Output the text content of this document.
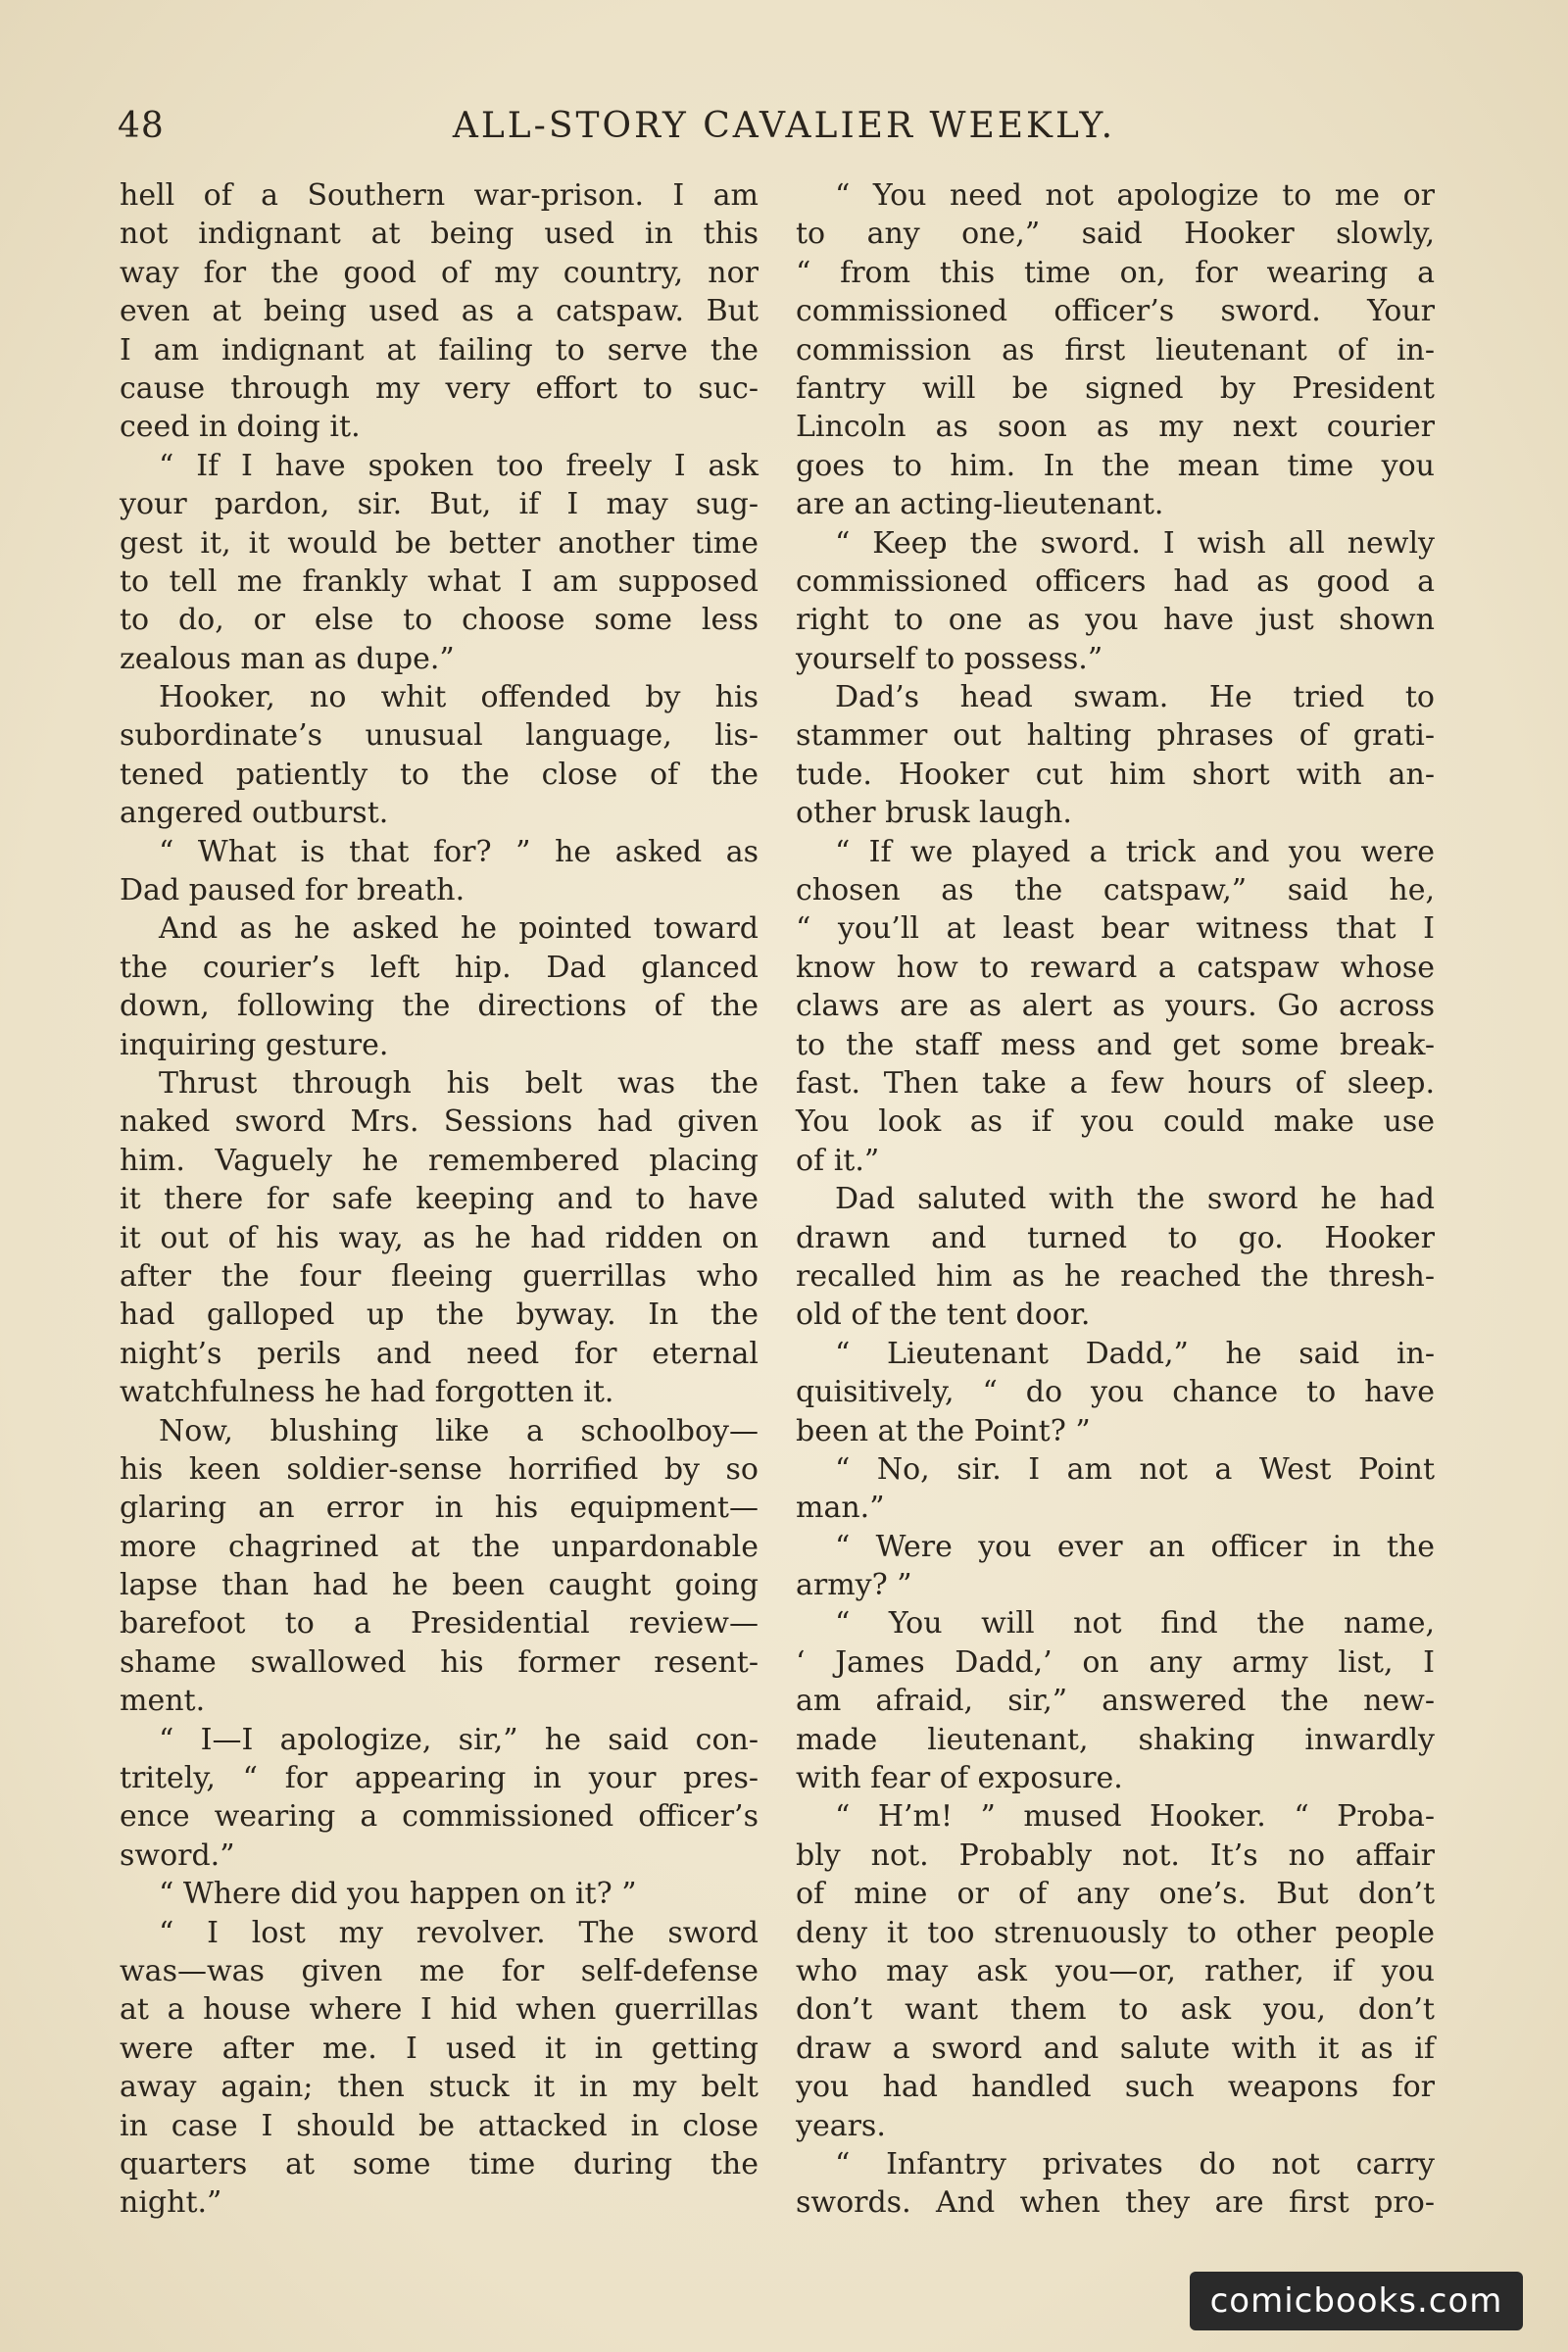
48	ALL-STORY CAVALIER WEEKLY.
hell of a Southern war-prison. I am
not indignant at being used in this
way for the good of my country, nor
even at being used as a catspaw. But
I am indignant at failing to serve the
cause through my very effort to suc-
ceed in doing it.
“ If I have spoken too freely I ask
your pardon, sir. But, if I may sug-
gest it, it would be better another time
to tell me frankly what I am supposed
to do, or else to choose some less
zealous man as dupe.”
Hooker, no whit offended by his
subordinate’s unusual language, lis-
tened patiently to the close of the
angered outburst.
“ What is that for? ” he asked as
Dad paused for breath.
And as he asked he pointed toward
the courier’s left hip. Dad glanced
down, following the directions of the
inquiring gesture.
Thrust through his belt was the
naked sword Mrs. Sessions had given
him. Vaguely he remembered placing
it there for safe keeping and to have
it out of his way, as he had ridden on
after the four fleeing guerrillas who
had galloped up the byway. In the
night’s perils and need for eternal
watchfulness he had forgotten it.
Now, blushing like a schoolboy—
his keen soldier-sense horrified by so
glaring an error in his equipment—
more chagrined at the unpardonable
lapse than had he been caught going
barefoot to a Presidential review—
shame swallowed his former resent-
ment.
“ I—I apologize, sir,” he said con-
tritely, “ for appearing in your pres-
ence wearing a commissioned officer’s
sword.”
“ Where did you happen on it? ”
“ I lost my revolver. The sword
was—was given me for self-defense
at a house where I hid when guerrillas
were after me. I used it in getting
away again; then stuck it in my belt
in case I should be attacked in close
quarters at some time during the
night.”
“ You need not apologize to me or
to any one,” said Hooker slowly,
“ from this time on, for wearing a
commissioned officer’s sword. Your
commission as first lieutenant of in-
fantry will be signed by President
Lincoln as soon as my next courier
goes to him. In the mean time you
are an acting-lieutenant.
“ Keep the sword. I wish all newly
commissioned officers had as good a
right to one as you have just shown
yourself to possess.”
Dad’s head swam. He tried to
stammer out halting phrases of grati-
tude. Hooker cut him short with an-
other brusk laugh.
“ If we played a trick and you were
chosen as the catspaw,” said he,
“ you’ll at least bear witness that I
know how to reward a catspaw whose
claws are as alert as yours. Go across
to the staff mess and get some break-
fast. Then take a few hours of sleep.
You look as if you could make use
of it.”
Dad saluted with the sword he had
drawn and turned to go. Hooker
recalled him as he reached the thresh-
old of the tent door.
“ Lieutenant Dadd,” he said in-
quisitively, “ do you chance to have
been at the Point? ”
“ No, sir. I am not a West Point
man.”
“ Were you ever an officer in the
army? ”
“ You will not find the name,
‘ James Dadd,’ on any army list, I
am afraid, sir,” answered the new-
made lieutenant, shaking inwardly
with fear of exposure.
“ H’m! ” mused Hooker. “ Proba-
bly not. Probably not. It’s no affair
of mine or of any one’s. But don’t
deny it too strenuously to other people
who may ask you—or, rather, if you
don’t want them to ask you, don’t
draw a sword and salute with it as if
you had handled such weapons for
years.
“ Infantry privates do not carry
swords. And when they are first pro-
comicbooks.com
